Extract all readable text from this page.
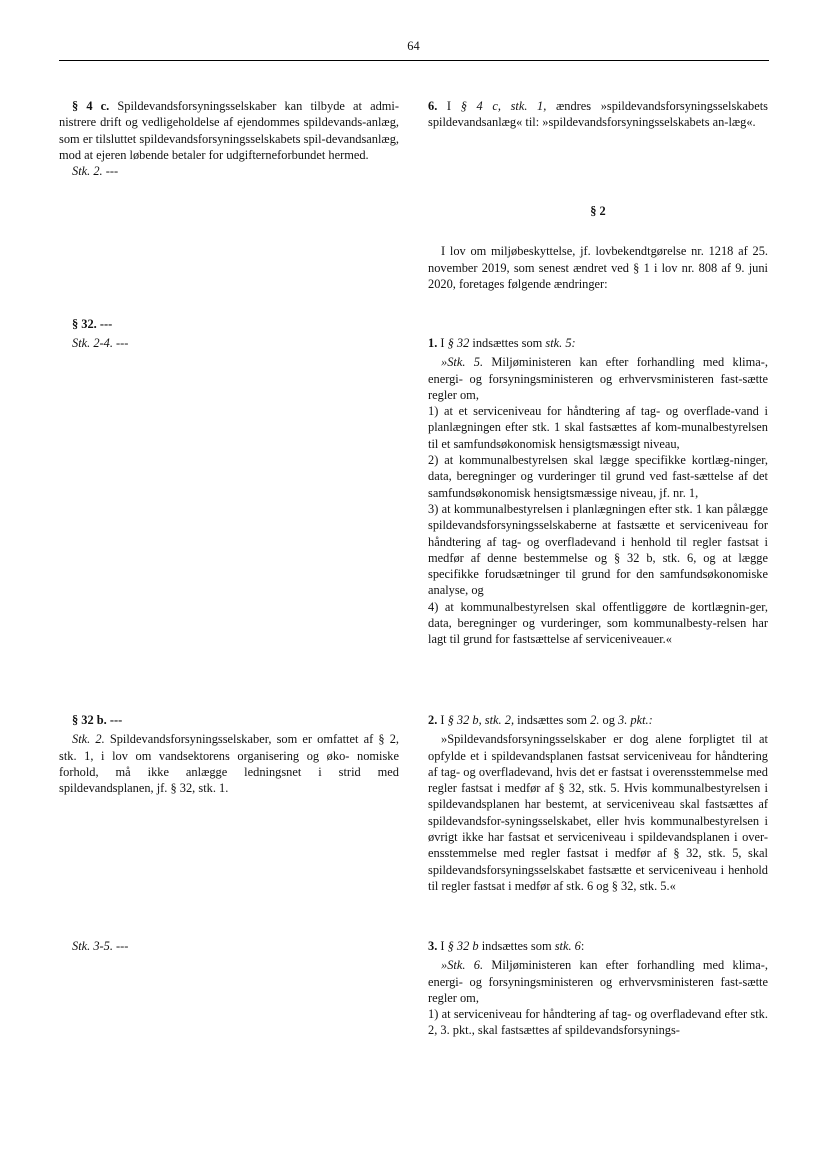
64

§ 4 c. Spildevandsforsyningsselskaber kan tilbyde at admi-nistrere drift og vedligeholdelse af ejendommes spildevands-anlæg, som er tilsluttet spildevandsforsyningsselskabets spil-devandsanlæg, mod at ejeren løbende betaler for udgifterneforbundet hermed.

Stk. 2. ---

§ 32. ---

Stk. 2-4. ---

§ 32 b. ---

Stk. 2. Spildevandsforsyningsselskaber, som er omfattet af § 2, stk. 1, i lov om vandsektorens organisering og øko- nomiske forhold, må ikke anlægge ledningsnet i strid med spildevandsplanen, jf. § 32, stk. 1.

Stk. 3-5. ---

6. I § 4 c, stk. 1, ændres »spildevandsforsyningsselskabets spildevandsanlæg« til: »spildevandsforsyningsselskabets an-læg«.

§ 2

I lov om miljøbeskyttelse, jf. lovbekendtgørelse nr. 1218 af 25. november 2019, som senest ændret ved § 1 i lov nr. 808 af 9. juni 2020, foretages følgende ændringer:

1. I § 32 indsættes som stk. 5:

»Stk. 5. Miljøministeren kan efter forhandling med klima-, energi- og forsyningsministeren og erhvervsministeren fast-sætte regler om,

1) at et serviceniveau for håndtering af tag- og overflade-vand i planlægningen efter stk. 1 skal fastsættes af kom-munalbestyrelsen til et samfundsøkonomisk hensigtsmæssigt niveau,

2) at kommunalbestyrelsen skal lægge specifikke kortlæg-ninger, data, beregninger og vurderinger til grund ved fast-sættelse af det samfundsøkonomisk hensigtsmæssige niveau, jf. nr. 1,

3) at kommunalbestyrelsen i planlægningen efter stk. 1 kan pålægge spildevandsforsyningsselskaberne at fastsætte et serviceniveau for håndtering af tag- og overfladevand i henhold til regler fastsat i medfør af denne bestemmelse og § 32 b, stk. 6, og at lægge specifikke forudsætninger til grund for den samfundsøkonomiske analyse, og

4) at kommunalbestyrelsen skal offentliggøre de kortlægnin-ger, data, beregninger og vurderinger, som kommunalbesty-relsen har lagt til grund for fastsættelse af serviceniveauer.«

2. I § 32 b, stk. 2, indsættes som 2. og 3. pkt.:

»Spildevandsforsyningsselskaber er dog alene forpligtet til at opfylde et i spildevandsplanen fastsat serviceniveau for håndtering af tag- og overfladevand, hvis det er fastsat i overensstemmelse med regler fastsat i medfør af § 32, stk. 5. Hvis kommunalbestyrelsen i spildevandsplanen har bestemt, at serviceniveau skal fastsættes af spildevandsfor-syningsselskabet, eller hvis kommunalbestyrelsen i øvrigt ikke har fastsat et serviceniveau i spildevandsplanen i over-ensstemmelse med regler fastsat i medfør af § 32, stk. 5, skal spildevandsforsyningsselskabet fastsætte et serviceniveau i henhold til regler fastsat i medfør af stk. 6 og § 32, stk. 5.«

3. I § 32 b indsættes som stk. 6:

»Stk. 6. Miljøministeren kan efter forhandling med klima-, energi- og forsyningsministeren og erhvervsministeren fast-sætte regler om,

1) at serviceniveau for håndtering af tag- og overfladevand efter stk. 2, 3. pkt., skal fastsættes af spildevandsforsynings-
